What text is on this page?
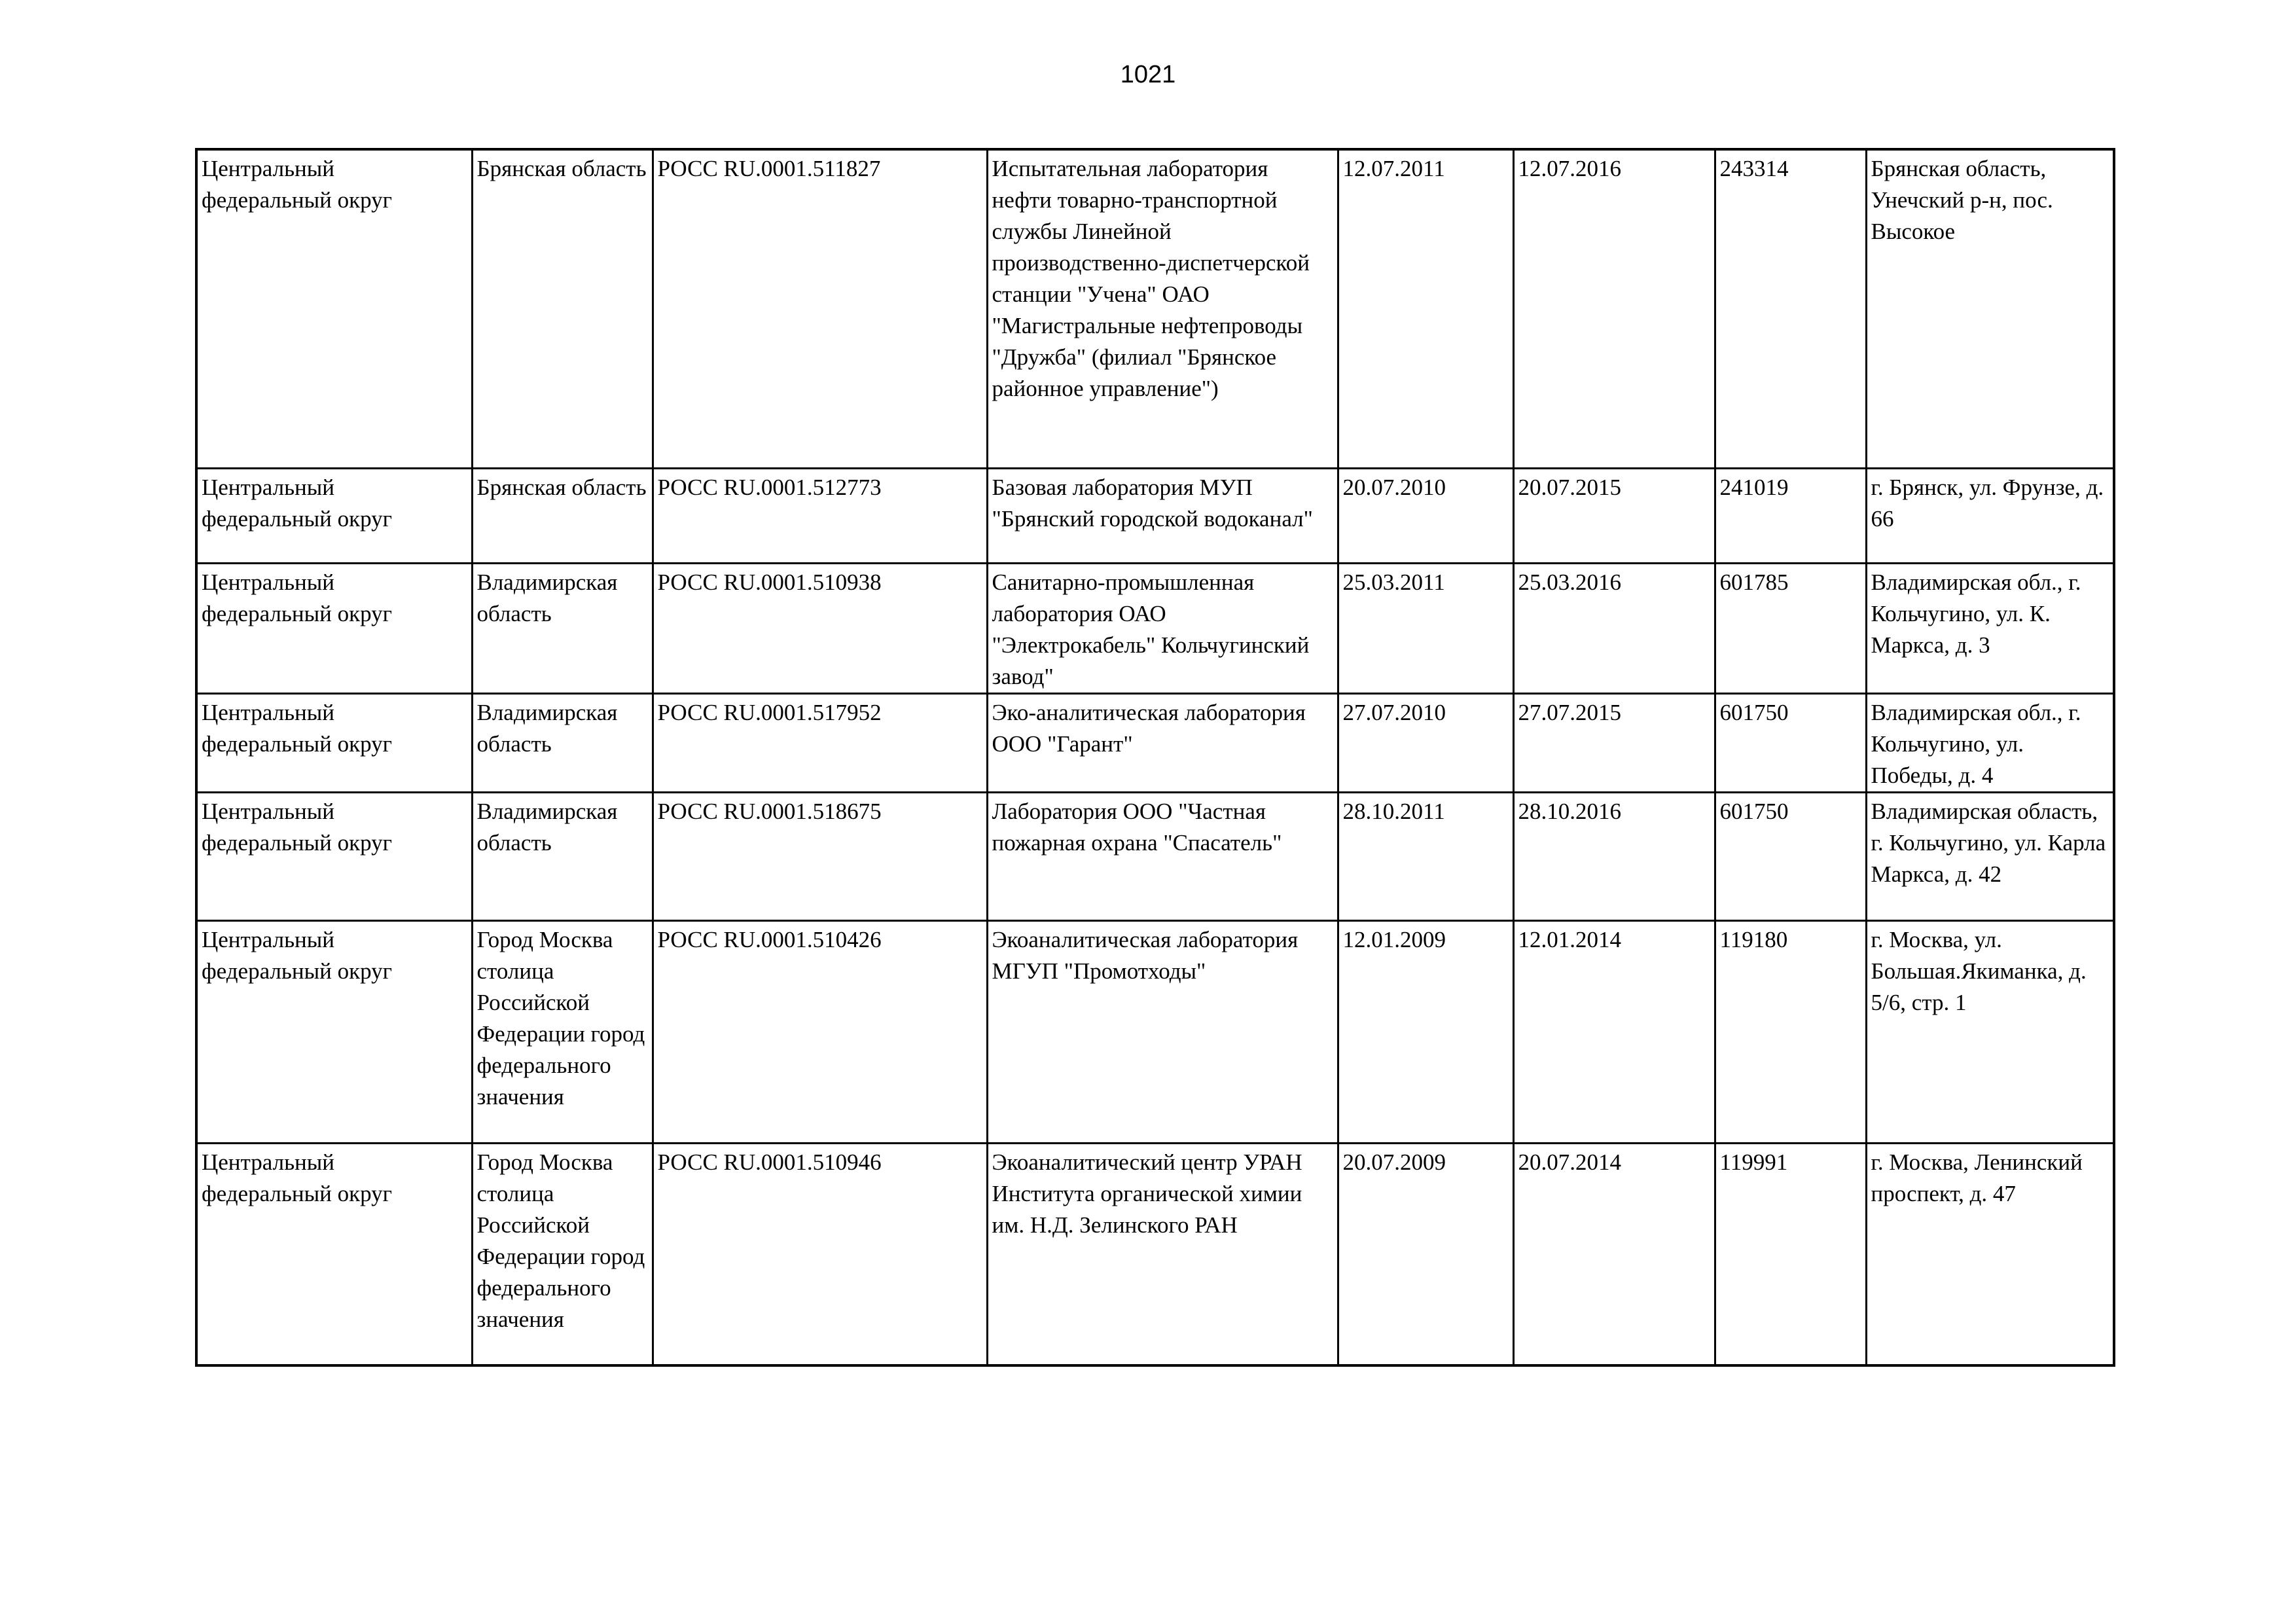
1021
Центральный федеральный округ	Брянская область	РОСС RU.0001.511827	Испытательная лаборатория нефти товарно-транспортной службы Линейной производственно-диспетчерской станции "Учена" ОАО "Магистральные нефтепроводы "Дружба" (филиал "Брянское районное управление")	12.07.2011	12.07.2016	243314	Брянская область, Унечский р-н, пос. Высокое
Центральный федеральный округ	Брянская область	РОСС RU.0001.512773	Базовая лаборатория МУП "Брянский городской водоканал"	20.07.2010	20.07.2015	241019	г. Брянск, ул. Фрунзе, д. 66
Центральный федеральный округ	Владимирская область	РОСС RU.0001.510938	Санитарно-промышленная лаборатория ОАО "Электрокабель" Кольчугинский завод"	25.03.2011	25.03.2016	601785	Владимирская обл., г. Кольчугино, ул. К. Маркса, д. 3
Центральный федеральный округ	Владимирская область	РОСС RU.0001.517952	Эко-аналитическая лаборатория ООО "Гарант"	27.07.2010	27.07.2015	601750	Владимирская обл., г. Кольчугино, ул. Победы, д. 4
Центральный федеральный округ	Владимирская область	РОСС RU.0001.518675	Лаборатория ООО "Частная пожарная охрана "Спасатель"	28.10.2011	28.10.2016	601750	Владимирская область, г. Кольчугино, ул. Карла Маркса, д. 42
Центральный федеральный округ	Город Москва столица Российской Федерации город федерального значения	РОСС RU.0001.510426	Экоаналитическая лаборатория МГУП "Промотходы"	12.01.2009	12.01.2014	119180	г. Москва, ул. Большая.Якиманка, д. 5/6, стр. 1
Центральный федеральный округ	Город Москва столица Российской Федерации город федерального значения	РОСС RU.0001.510946	Экоаналитический центр УРАН Института органической химии им. Н.Д. Зелинского РАН	20.07.2009	20.07.2014	119991	г. Москва, Ленинский проспект, д. 47
